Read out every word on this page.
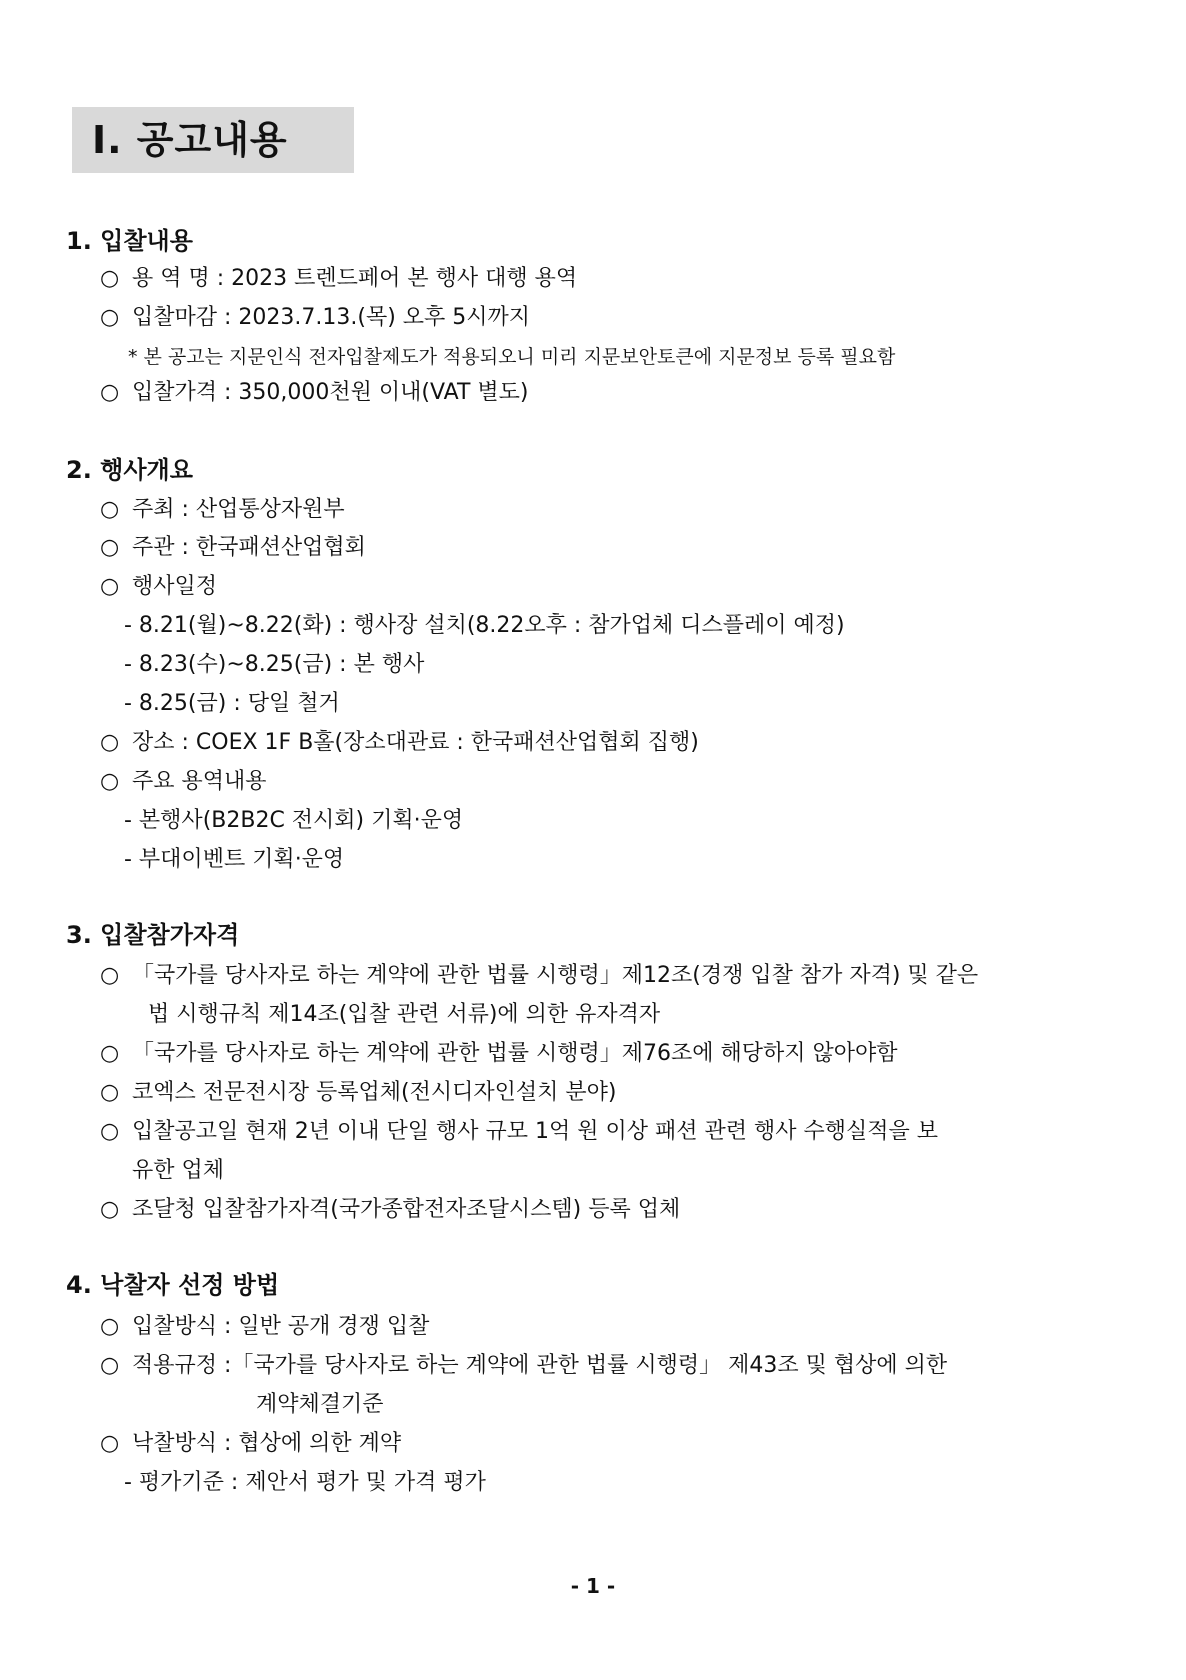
Ⅰ. 공고내용
1. 입찰내용
○ 용 역 명 : 2023 트렌드페어 본 행사 대행 용역
○ 입찰마감 : 2023.7.13.(목) 오후 5시까지
* 본 공고는 지문인식 전자입찰제도가 적용되오니 미리 지문보안토큰에 지문정보 등록 필요함
○ 입찰가격 : 350,000천원 이내(VAT 별도)
2. 행사개요
○ 주최 : 산업통상자원부
○ 주관 : 한국패션산업협회
○ 행사일정
- 8.21(월)~8.22(화) : 행사장 설치(8.22오후 : 참가업체 디스플레이 예정)
- 8.23(수)~8.25(금) : 본 행사
- 8.25(금) : 당일 철거
○ 장소 : COEX 1F B홀(장소대관료 : 한국패션산업협회 집행)
○ 주요 용역내용
- 본행사(B2B2C 전시회) 기획·운영
- 부대이벤트 기획·운영
3. 입찰참가자격
○ 「국가를 당사자로 하는 계약에 관한 법률 시행령」제12조(경쟁 입찰 참가 자격) 및 같은
법 시행규칙 제14조(입찰 관련 서류)에 의한 유자격자
○ 「국가를 당사자로 하는 계약에 관한 법률 시행령」제76조에 해당하지 않아야함
○ 코엑스 전문전시장 등록업체(전시디자인설치 분야)
○ 입찰공고일 현재 2년 이내 단일 행사 규모 1억 원 이상 패션 관련 행사 수행실적을 보
유한 업체
○ 조달청 입찰참가자격(국가종합전자조달시스템) 등록 업체
4. 낙찰자 선정 방법
○ 입찰방식 : 일반 공개 경쟁 입찰
○ 적용규정 :「국가를 당사자로 하는 계약에 관한 법률 시행령」 제43조 및 협상에 의한
계약체결기준
○ 낙찰방식 : 협상에 의한 계약
- 평가기준 : 제안서 평가 및 가격 평가
- 1 -
